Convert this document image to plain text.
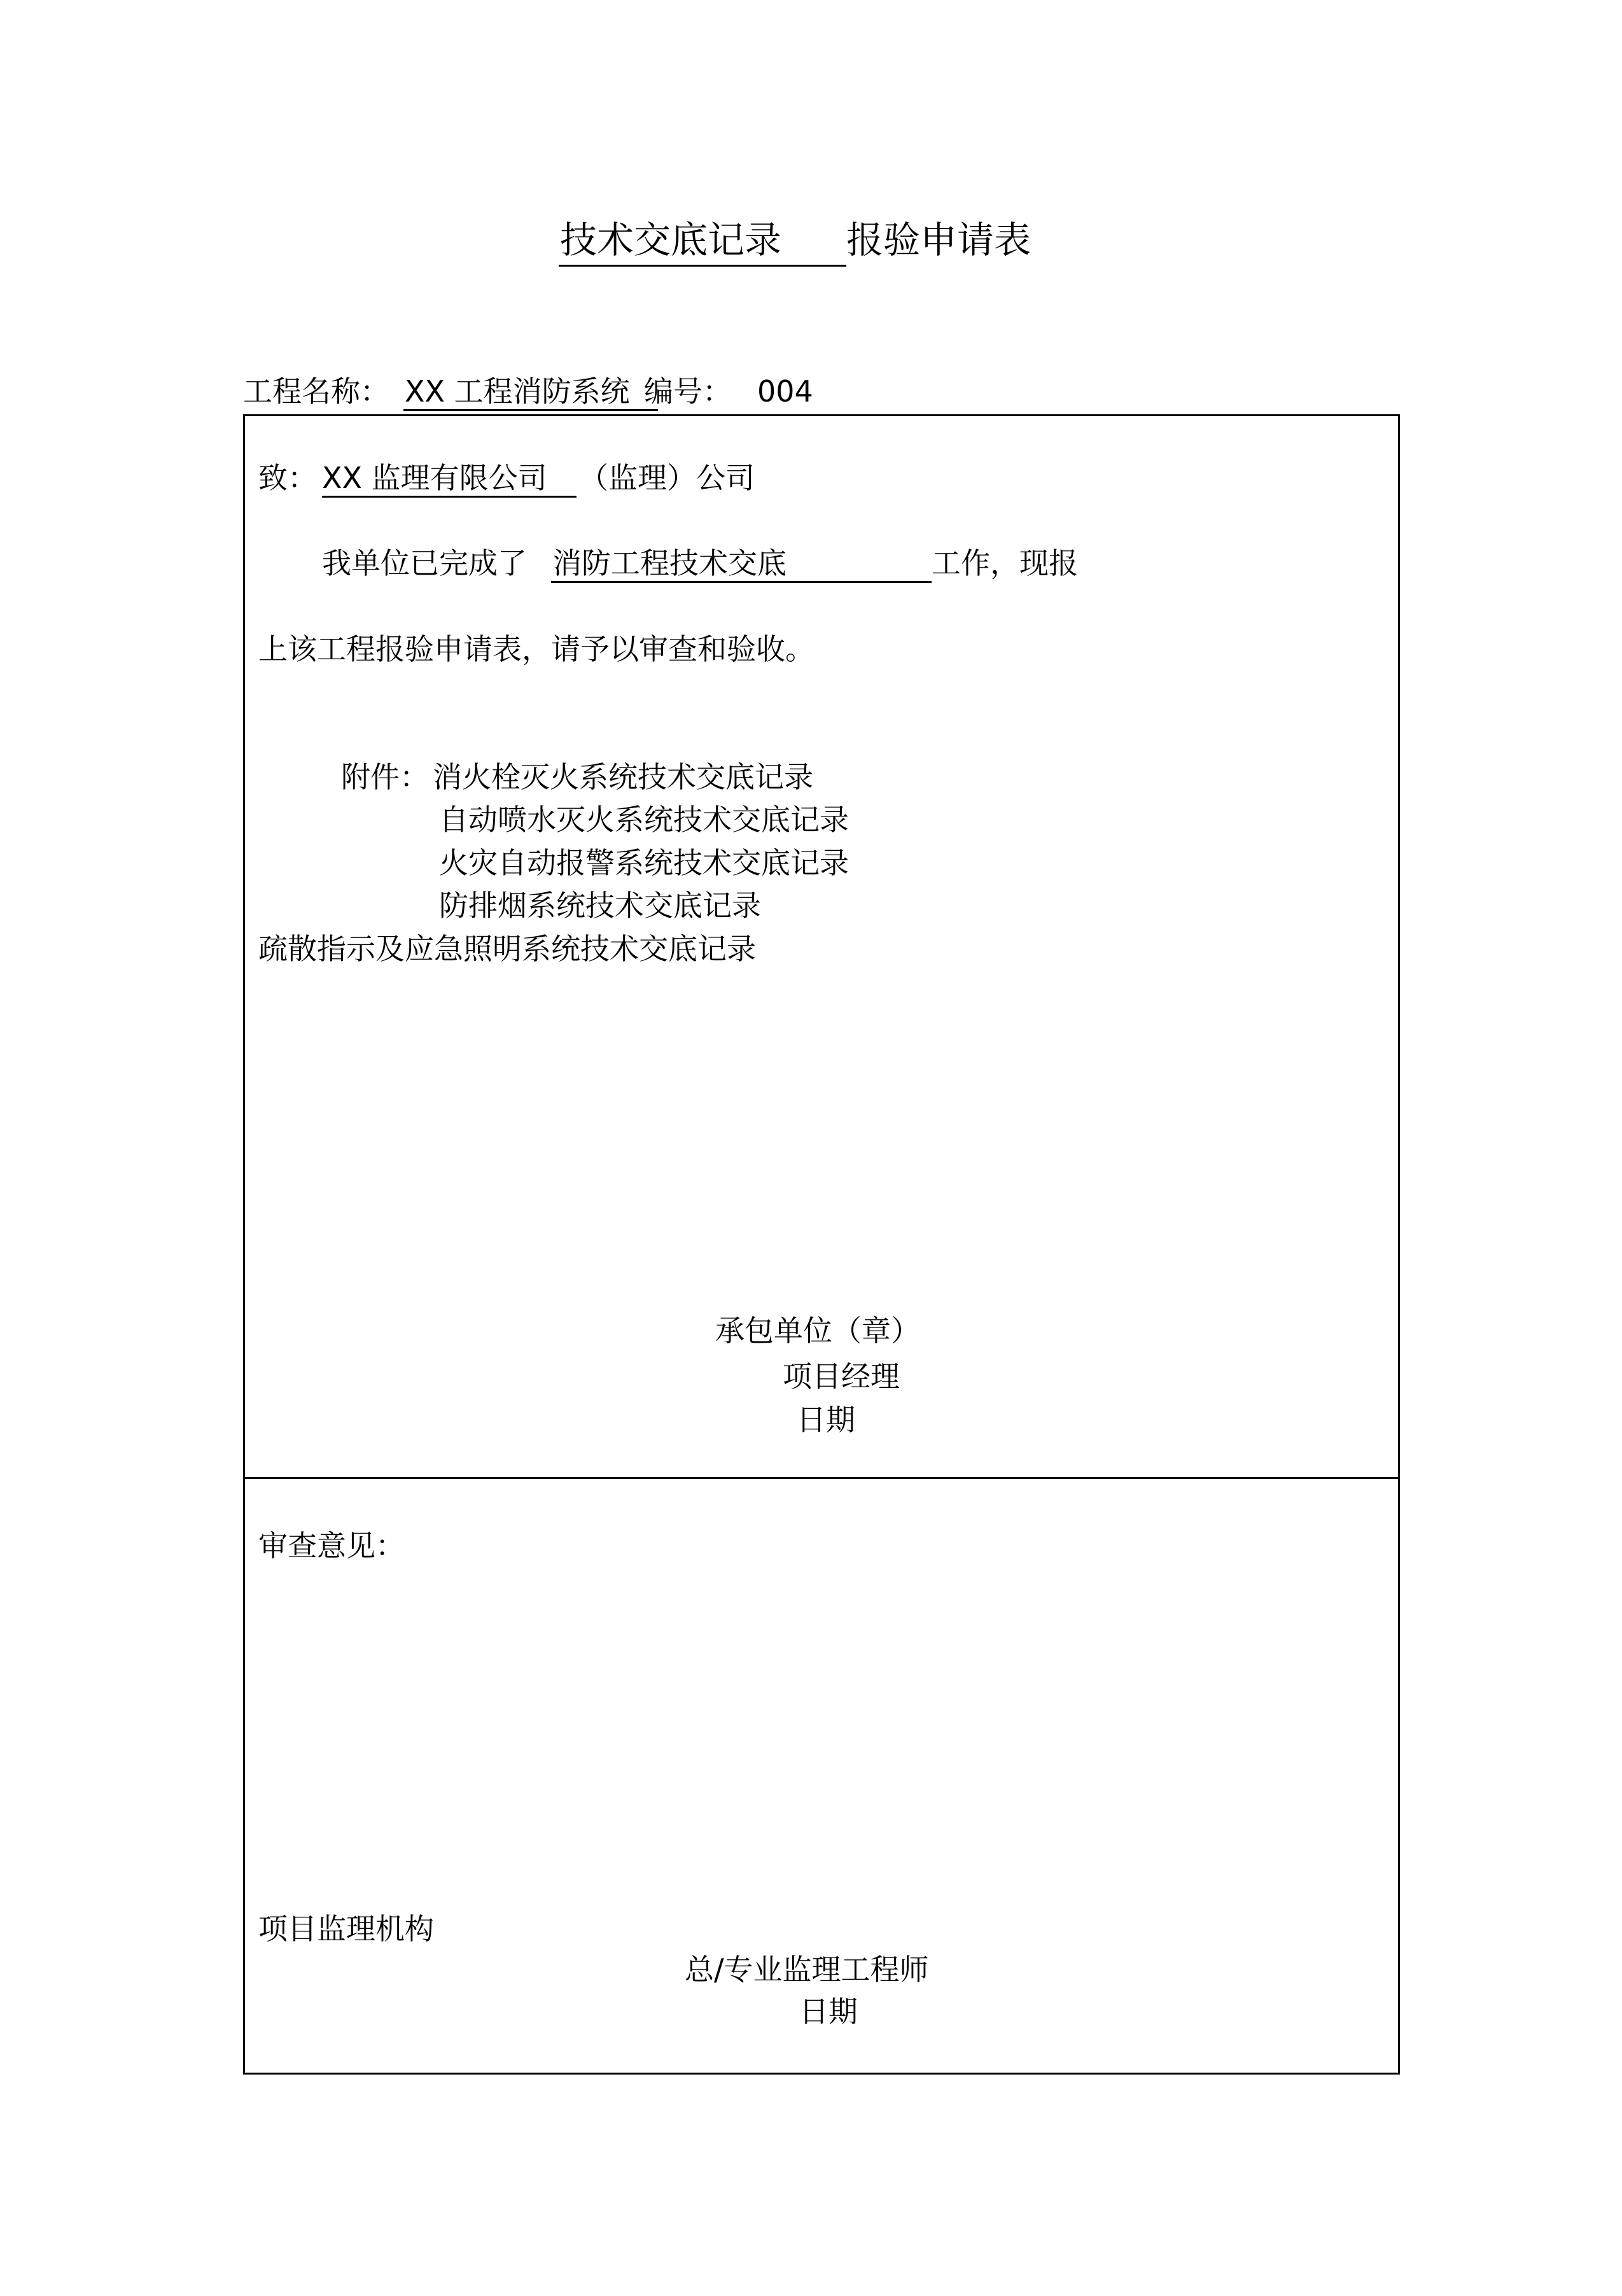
技术交底记录 报验申请表
工程名称： XX 工程消防系统 编号： 004
致： XX 监理有限公司 （监理）公司
我单位已完成了 消防工程技术交底	工作，现报
上该工程报验申请表，请予以审查和验收。
附件： 消火栓灭火系统技术交底记录
自动喷水灭火系统技术交底记录
火灾自动报警系统技术交底记录
防排烟系统技术交底记录
疏散指示及应急照明系统技术交底记录
承包单位（章）
项目经理
日期
审查意见：
项目监理机构
总/专业监理工程师
日期
